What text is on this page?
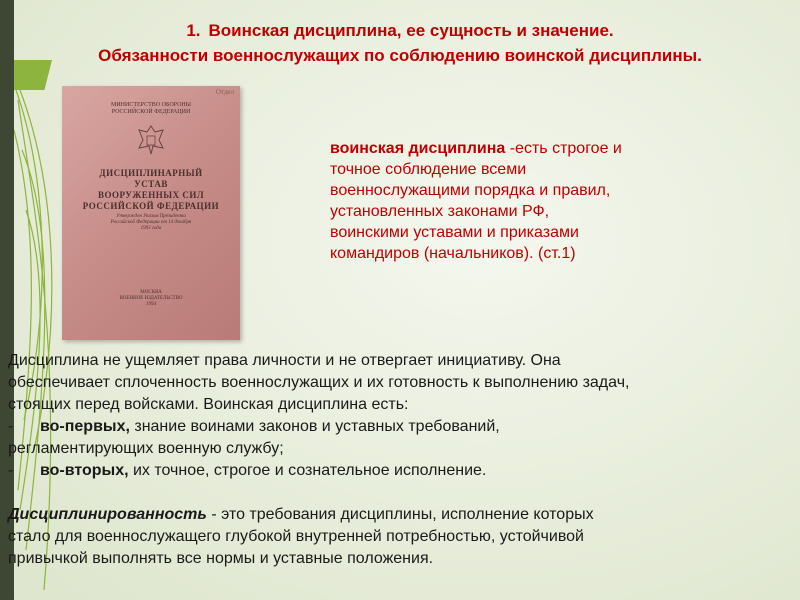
1. Воинская дисциплина, ее сущность и значение.
Обязанности военнослужащих по соблюдению воинской дисциплины.
Отдел
МИНИСТЕРСТВО ОБОРОНЫ
РОССИЙСКОЙ ФЕДЕРАЦИИ
ДИСЦИПЛИНАРНЫЙ
УСТАВ
ВООРУЖЕННЫХ СИЛ
РОССИЙСКОЙ ФЕДЕРАЦИИ
Утвержден Указом Президента
Российской Федерации от 14 декабря
1993 года
МОСКВА
ВОЕННОЕ ИЗДАТЕЛЬСТВО
1994
воинская дисциплина -есть строгое и
точное соблюдение всеми
военнослужащими порядка и правил,
установленных законами РФ,
воинскими уставами и приказами
командиров (начальников). (ст.1)
Дисциплина не ущемляет права личности и не отвергает инициативу. Она
обеспечивает сплоченность военнослужащих и их готовность к выполнению задач,
стоящих перед войсками. Воинская дисциплина есть:
- во-первых, знание воинами законов и уставных требований,
регламентирующих военную службу;
- во-вторых, их точное, строгое и сознательное исполнение.
Дисциплинированность - это требования дисциплины, исполнение которых
стало для военнослужащего глубокой внутренней потребностью, устойчивой
привычкой выполнять все нормы и уставные положения.
